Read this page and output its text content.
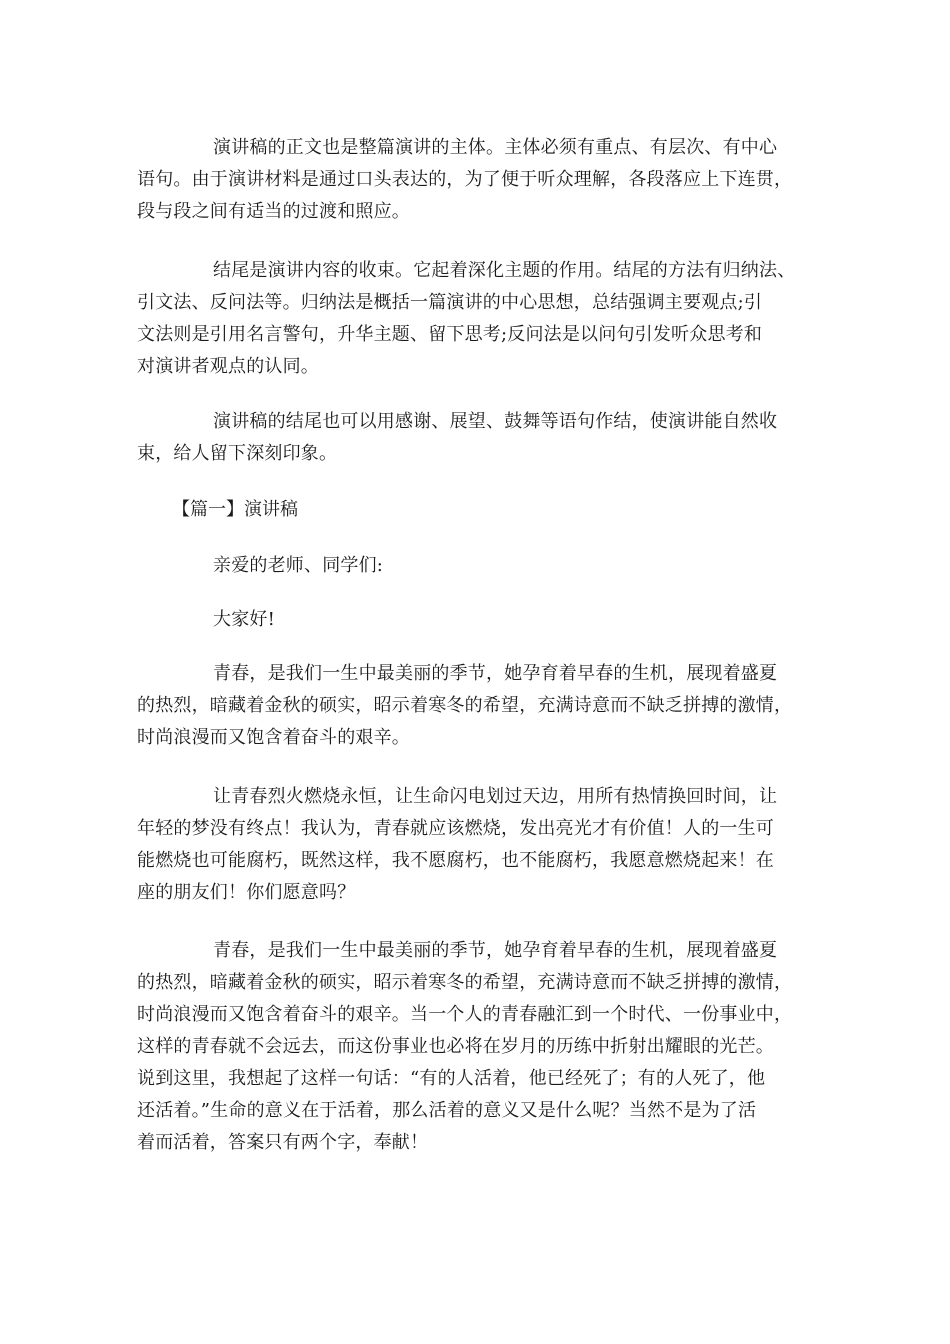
演讲稿的正文也是整篇演讲的主体。主体必须有重点、有层次、有中心
语句。由于演讲材料是通过口头表达的，为了便于听众理解，各段落应上下连贯，
段与段之间有适当的过渡和照应。
结尾是演讲内容的收束。它起着深化主题的作用。结尾的方法有归纳法、
引文法、反问法等。归纳法是概括一篇演讲的中心思想，总结强调主要观点;引
文法则是引用名言警句，升华主题、留下思考;反问法是以问句引发听众思考和
对演讲者观点的认同。
演讲稿的结尾也可以用感谢、展望、鼓舞等语句作结，使演讲能自然收
束，给人留下深刻印象。
【篇一】演讲稿
亲爱的老师、同学们:
大家好!
青春，是我们一生中最美丽的季节，她孕育着早春的生机，展现着盛夏
的热烈，暗藏着金秋的硕实，昭示着寒冬的希望，充满诗意而不缺乏拼搏的激情，
时尚浪漫而又饱含着奋斗的艰辛。
让青春烈火燃烧永恒，让生命闪电划过天边，用所有热情换回时间，让
年轻的梦没有终点！我认为，青春就应该燃烧，发出亮光才有价值！人的一生可
能燃烧也可能腐朽，既然这样，我不愿腐朽，也不能腐朽，我愿意燃烧起来！在
座的朋友们！你们愿意吗？
青春，是我们一生中最美丽的季节，她孕育着早春的生机，展现着盛夏
的热烈，暗藏着金秋的硕实，昭示着寒冬的希望，充满诗意而不缺乏拼搏的激情，
时尚浪漫而又饱含着奋斗的艰辛。当一个人的青春融汇到一个时代、一份事业中，
这样的青春就不会远去，而这份事业也必将在岁月的历练中折射出耀眼的光芒。
说到这里，我想起了这样一句话：“有的人活着，他已经死了；有的人死了，他
还活着。”生命的意义在于活着，那么活着的意义又是什么呢？当然不是为了活
着而活着，答案只有两个字，奉献！
